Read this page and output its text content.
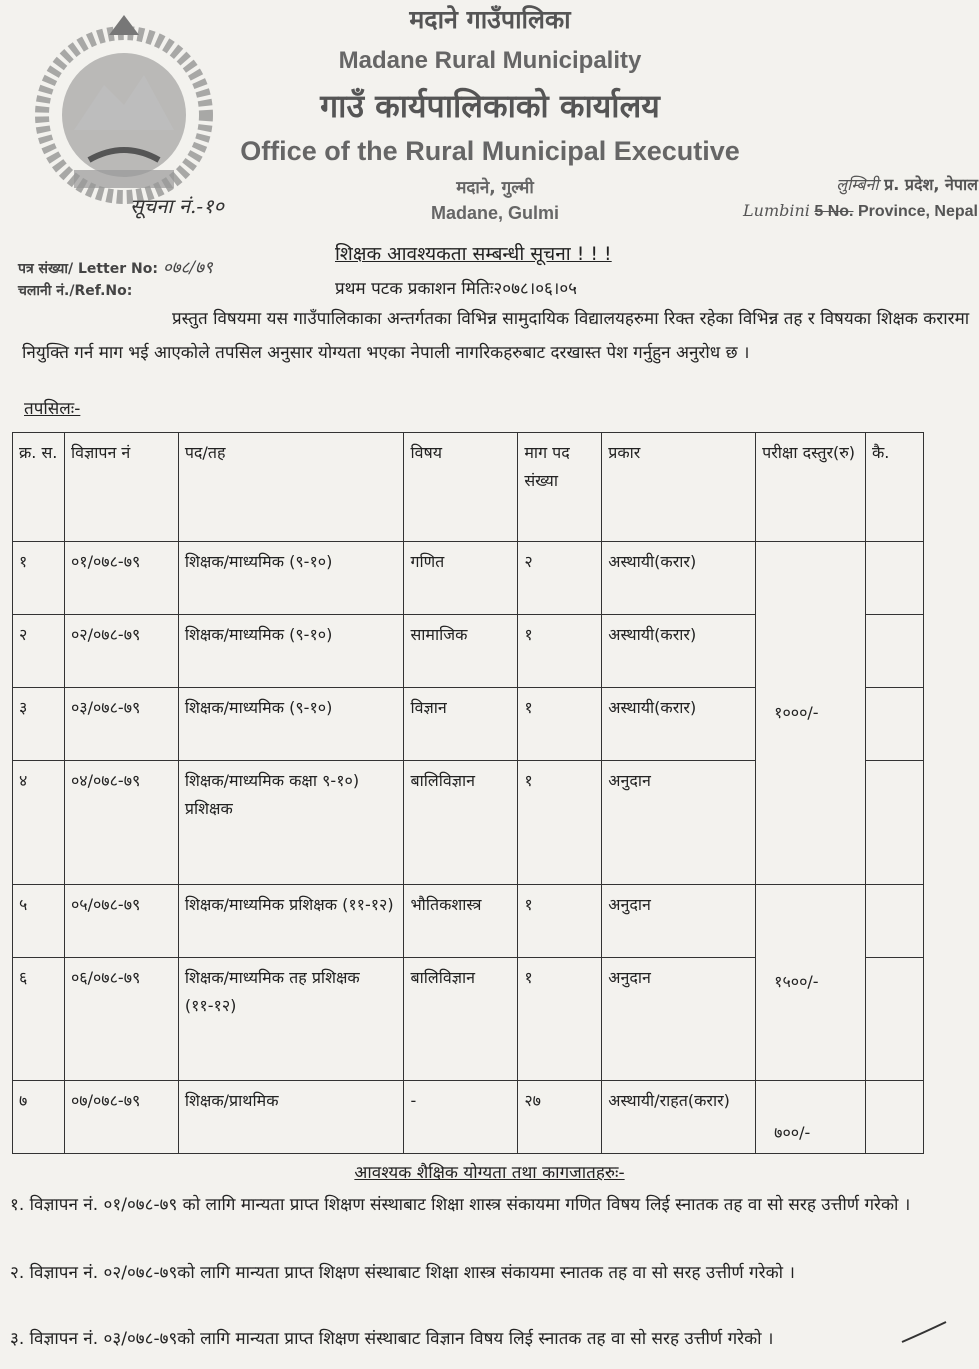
मदाने गाउँपालिका
Madane Rural Municipality
गाउँ कार्यपालिकाको कार्यालय
Office of the Rural Municipal Executive
मदाने, गुल्मी
Madane, Gulmi
लुम्बिनी प्र. प्रदेश, नेपाल
Lumbini 5 No. Province, Nepal
सूचना नं.-१०
पत्र संख्या/ Letter No: ०७८/७९
चलानी नं./Ref.No:
शिक्षक आवश्यकता सम्बन्धी सूचना ! ! !
प्रथम पटक प्रकाशन मितिः२०७८।०६।०५
प्रस्तुत विषयमा यस गाउँपालिकाका अन्तर्गतका विभिन्न सामुदायिक विद्यालयहरुमा रिक्त रहेका विभिन्न तह र विषयका शिक्षक करारमा नियुक्ति गर्न माग भई आएकोले तपसिल अनुसार योग्यता भएका नेपाली नागरिकहरुबाट दरखास्त पेश गर्नुहुन अनुरोध छ ।
तपसिलः-
क्र. स.	विज्ञापन नं	पद/तह	विषय	माग पद संख्या	प्रकार	परीक्षा दस्तुर(रु)	कै.
१	०१/०७८-७९	शिक्षक/माध्यमिक (९-१०)	गणित	२	अस्थायी(करार)	१०००/-	
२	०२/०७८-७९	शिक्षक/माध्यमिक (९-१०)	सामाजिक	१	अस्थायी(करार)		
३	०३/०७८-७९	शिक्षक/माध्यमिक (९-१०)	विज्ञान	१	अस्थायी(करार)		
४	०४/०७८-७९	शिक्षक/माध्यमिक कक्षा ९-१०) प्रशिक्षक	बालिविज्ञान	१	अनुदान		
५	०५/०७८-७९	शिक्षक/माध्यमिक प्रशिक्षक (११-१२)	भौतिकशास्त्र	१	अनुदान	१५००/-	
६	०६/०७८-७९	शिक्षक/माध्यमिक तह प्रशिक्षक (११-१२)	बालिविज्ञान	१	अनुदान		
७	०७/०७८-७९	शिक्षक/प्राथमिक	-	२७	अस्थायी/राहत(करार)	७००/-	
आवश्यक शैक्षिक योग्यता तथा कागजातहरुः-
१. विज्ञापन नं. ०१/०७८-७९ को लागि मान्यता प्राप्त शिक्षण संस्थाबाट शिक्षा शास्त्र संकायमा गणित विषय लिई स्नातक तह वा सो सरह उत्तीर्ण गरेको ।
२. विज्ञापन नं. ०२/०७८-७९को लागि मान्यता प्राप्त शिक्षण संस्थाबाट शिक्षा शास्त्र संकायमा स्नातक तह वा सो सरह उत्तीर्ण गरेको ।
३. विज्ञापन नं. ०३/०७८-७९को लागि मान्यता प्राप्त शिक्षण संस्थाबाट विज्ञान विषय लिई स्नातक तह वा सो सरह उत्तीर्ण गरेको ।
